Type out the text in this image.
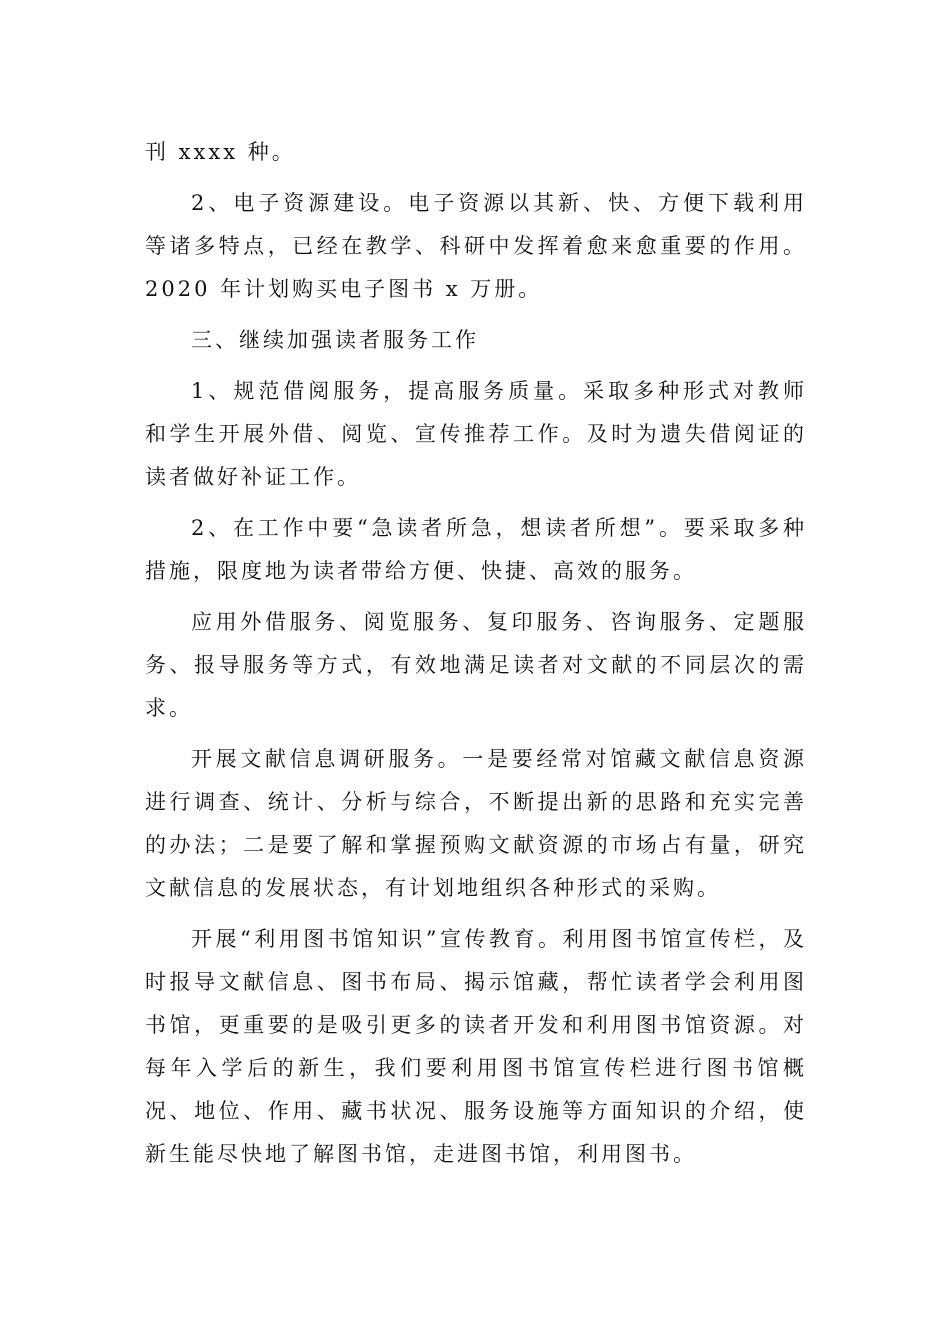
刊 xxxx 种。

2、电子资源建设。电子资源以其新、快、方便下载利用等诸多特点，已经在教学、科研中发挥着愈来愈重要的作用。2020 年计划购买电子图书 x 万册。

三、继续加强读者服务工作

1、规范借阅服务，提高服务质量。采取多种形式对教师和学生开展外借、阅览、宣传推荐工作。及时为遗失借阅证的读者做好补证工作。

2、在工作中要“急读者所急，想读者所想”。要采取多种措施，限度地为读者带给方便、快捷、高效的服务。

应用外借服务、阅览服务、复印服务、咨询服务、定题服务、报导服务等方式，有效地满足读者对文献的不同层次的需求。

开展文献信息调研服务。一是要经常对馆藏文献信息资源进行调查、统计、分析与综合，不断提出新的思路和充实完善的办法；二是要了解和掌握预购文献资源的市场占有量，研究文献信息的发展状态，有计划地组织各种形式的采购。

开展“利用图书馆知识”宣传教育。利用图书馆宣传栏，及时报导文献信息、图书布局、揭示馆藏，帮忙读者学会利用图书馆，更重要的是吸引更多的读者开发和利用图书馆资源。对每年入学后的新生，我们要利用图书馆宣传栏进行图书馆概况、地位、作用、藏书状况、服务设施等方面知识的介绍，使新生能尽快地了解图书馆，走进图书馆，利用图书。
